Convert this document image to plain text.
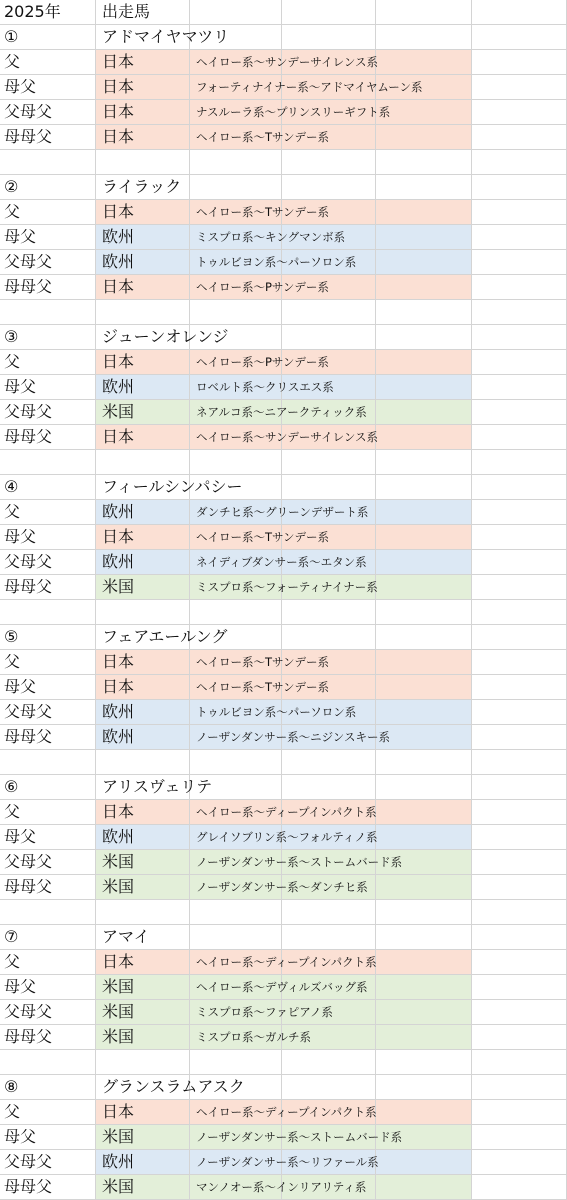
2025年	出走馬
①	アドマイヤマツリ
父	日本	ヘイロー系〜サンデーサイレンス系
母父	日本	フォーティナイナー系〜アドマイヤムーン系
父母父	日本	ナスルーラ系〜プリンスリーギフト系
母母父	日本	ヘイロー系〜Tサンデー系
②	ライラック
父	日本	ヘイロー系〜Tサンデー系
母父	欧州	ミスプロ系〜キングマンボ系
父母父	欧州	トゥルビヨン系〜パーソロン系
母母父	日本	ヘイロー系〜Pサンデー系
③	ジューンオレンジ
父	日本	ヘイロー系〜Pサンデー系
母父	欧州	ロベルト系〜クリスエス系
父母父	米国	ネアルコ系〜ニアークティック系
母母父	日本	ヘイロー系〜サンデーサイレンス系
④	フィールシンパシー
父	欧州	ダンチヒ系〜グリーンデザート系
母父	日本	ヘイロー系〜Tサンデー系
父母父	欧州	ネイディブダンサー系〜エタン系
母母父	米国	ミスプロ系〜フォーティナイナー系
⑤	フェアエールング
父	日本	ヘイロー系〜Tサンデー系
母父	日本	ヘイロー系〜Tサンデー系
父母父	欧州	トゥルビヨン系〜パーソロン系
母母父	欧州	ノーザンダンサー系〜ニジンスキー系
⑥	アリスヴェリテ
父	日本	ヘイロー系〜ディープインパクト系
母父	欧州	グレイソブリン系〜フォルティノ系
父母父	米国	ノーザンダンサー系〜ストームバード系
母母父	米国	ノーザンダンサー系〜ダンチヒ系
⑦	アマイ
父	日本	ヘイロー系〜ディープインパクト系
母父	米国	ヘイロー系〜デヴィルズバッグ系
父母父	米国	ミスプロ系〜ファピアノ系
母母父	米国	ミスプロ系〜ガルチ系
⑧	グランスラムアスク
父	日本	ヘイロー系〜ディープインパクト系
母父	米国	ノーザンダンサー系〜ストームバード系
父母父	欧州	ノーザンダンサー系〜リファール系
母母父	米国	マンノオー系〜インリアリティ系
